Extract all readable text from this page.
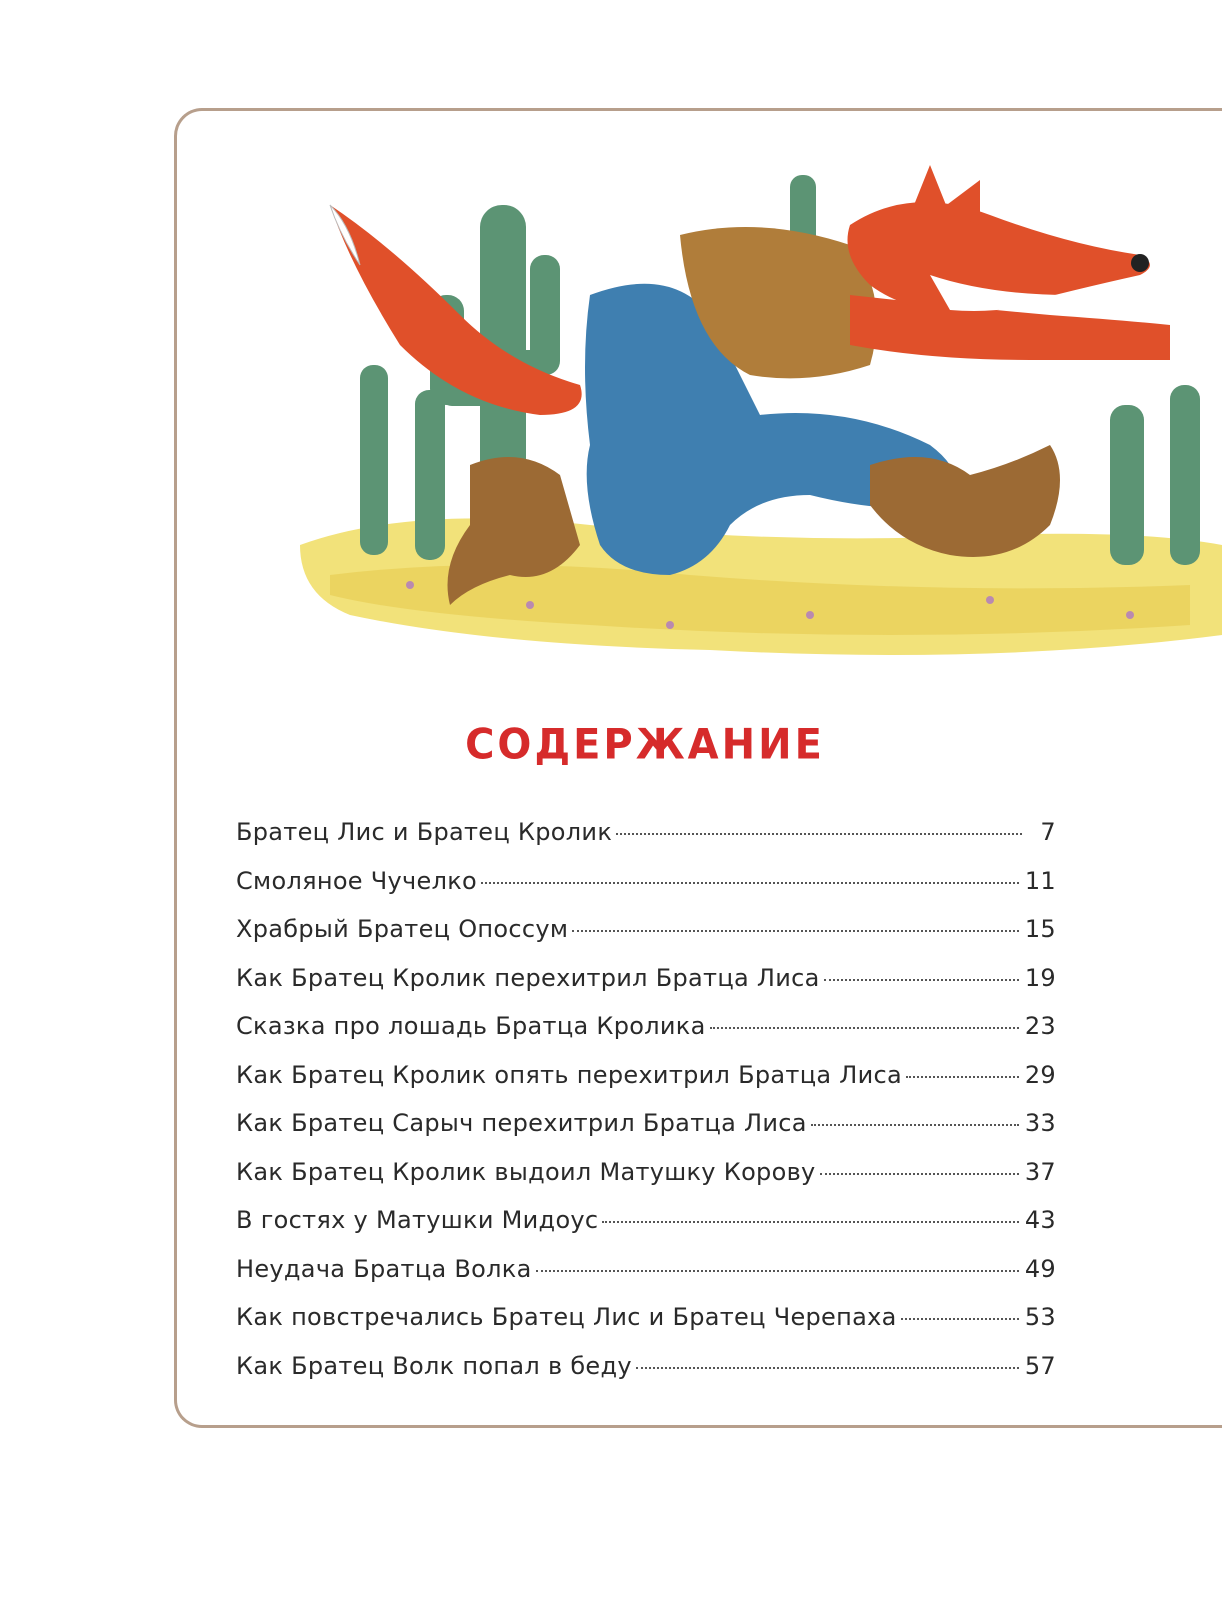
СОДЕРЖАНИЕ
Братец Лис и Братец Кролик	7
Смоляное Чучелко	11
Храбрый Братец Опоссум	15
Как Братец Кролик перехитрил Братца Лиса	19
Сказка про лошадь Братца Кролика	23
Как Братец Кролик опять перехитрил Братца Лиса	29
Как Братец Сарыч перехитрил Братца Лиса	33
Как Братец Кролик выдоил Матушку Корову	37
В гостях у Матушки Мидоус	43
Неудача Братца Волка	49
Как повстречались Братец Лис и Братец Черепаха	53
Как Братец Волк попал в беду	57
